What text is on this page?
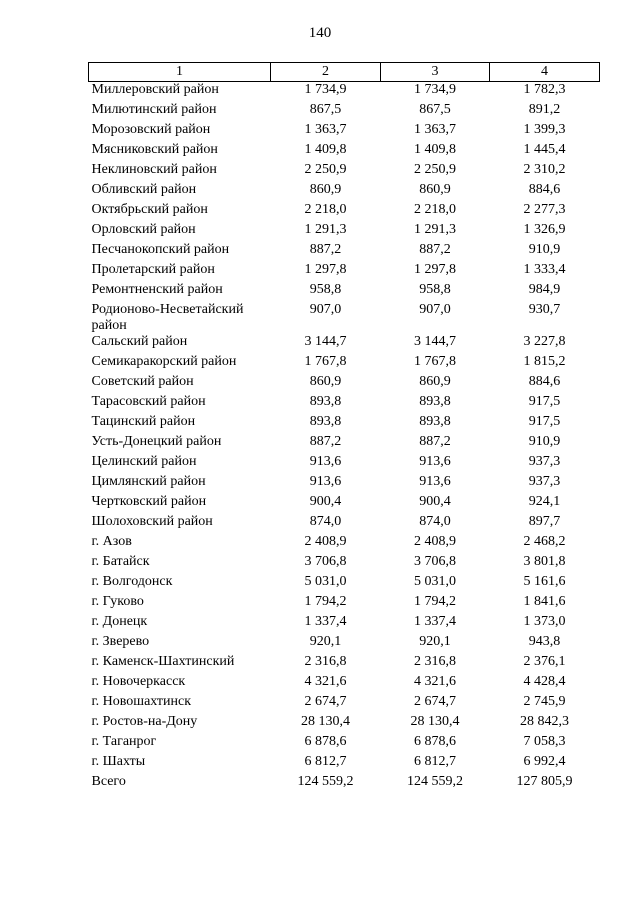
140
1	2	3	4
Миллеровский район	1 734,9	1 734,9	1 782,3
Милютинский район	867,5	867,5	891,2
Морозовский район	1 363,7	1 363,7	1 399,3
Мясниковский район	1 409,8	1 409,8	1 445,4
Неклиновский район	2 250,9	2 250,9	2 310,2
Обливский район	860,9	860,9	884,6
Октябрьский район	2 218,0	2 218,0	2 277,3
Орловский район	1 291,3	1 291,3	1 326,9
Песчанокопский район	887,2	887,2	910,9
Пролетарский район	1 297,8	1 297,8	1 333,4
Ремонтненский район	958,8	958,8	984,9
Родионово-Несветайский район	907,0	907,0	930,7
Сальский район	3 144,7	3 144,7	3 227,8
Семикаракорский район	1 767,8	1 767,8	1 815,2
Советский район	860,9	860,9	884,6
Тарасовский район	893,8	893,8	917,5
Тацинский район	893,8	893,8	917,5
Усть-Донецкий район	887,2	887,2	910,9
Целинский район	913,6	913,6	937,3
Цимлянский район	913,6	913,6	937,3
Чертковский район	900,4	900,4	924,1
Шолоховский район	874,0	874,0	897,7
г. Азов	2 408,9	2 408,9	2 468,2
г. Батайск	3 706,8	3 706,8	3 801,8
г. Волгодонск	5 031,0	5 031,0	5 161,6
г. Гуково	1 794,2	1 794,2	1 841,6
г. Донецк	1 337,4	1 337,4	1 373,0
г. Зверево	920,1	920,1	943,8
г. Каменск-Шахтинский	2 316,8	2 316,8	2 376,1
г. Новочеркасск	4 321,6	4 321,6	4 428,4
г. Новошахтинск	2 674,7	2 674,7	2 745,9
г. Ростов-на-Дону	28 130,4	28 130,4	28 842,3
г. Таганрог	6 878,6	6 878,6	7 058,3
г. Шахты	6 812,7	6 812,7	6 992,4
Всего	124 559,2	124 559,2	127 805,9
